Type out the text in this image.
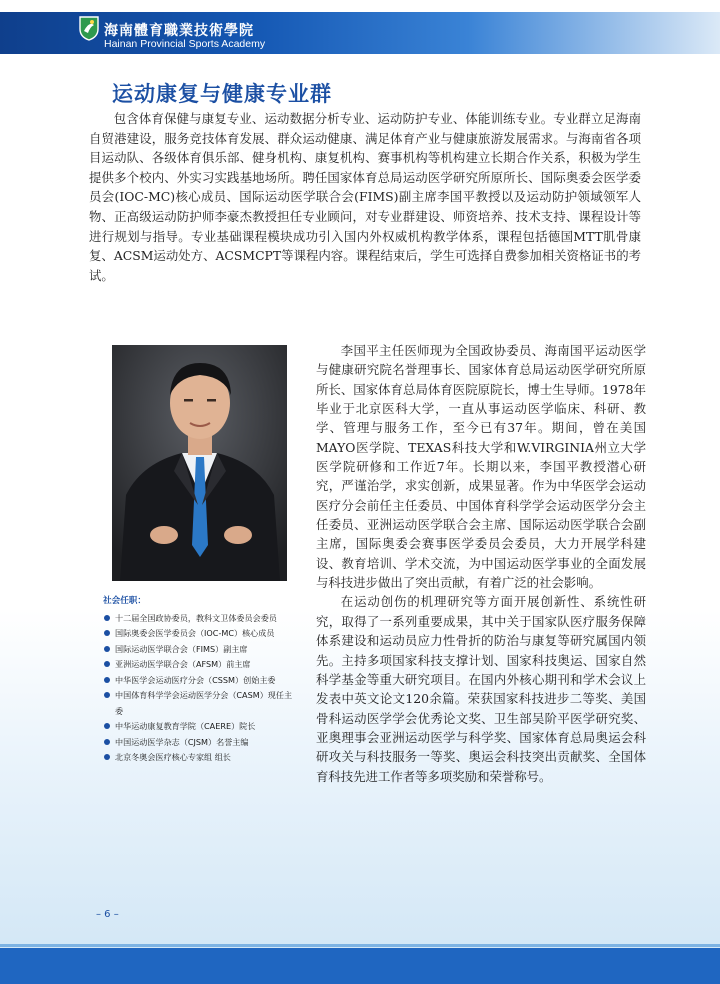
海南體育職業技術學院
Hainan Provincial Sports Academy
运动康复与健康专业群

包含体育保健与康复专业、运动数据分析专业、运动防护专业、体能训练专业。专业群立足海南自贸港建设，服务竞技体育发展、群众运动健康、满足体育产业与健康旅游发展需求。与海南省各项目运动队、各级体育俱乐部、健身机构、康复机构、赛事机构等机构建立长期合作关系，积极为学生提供多个校内、外实习实践基地场所。聘任国家体育总局运动医学研究所原所长、国际奥委会医学委员会(IOC-MC)核心成员、国际运动医学联合会(FIMS)副主席李国平教授以及运动防护领域领军人物、正高级运动防护师李豪杰教授担任专业顾问，对专业群建设、师资培养、技术支持、课程设计等进行规划与指导。专业基础课程模块成功引入国内外权威机构教学体系，课程包括德国MTT肌骨康复、ACSM运动处方、ACSMCPT等课程内容。课程结束后，学生可选择自费参加相关资格证书的考试。

社会任职：
十二届全国政协委员，教科文卫体委员会委员
国际奥委会医学委员会（IOC-MC）核心成员
国际运动医学联合会（FIMS）副主席
亚洲运动医学联合会（AFSM）前主席
中华医学会运动医疗分会（CSSM）创始主委
中国体育科学学会运动医学分会（CASM）现任主委
中华运动康复教育学院（CAERE）院长
中国运动医学杂志（CJSM）名誉主编
北京冬奥会医疗核心专家组 组长

李国平主任医师现为全国政协委员、海南国平运动医学与健康研究院名誉理事长、国家体育总局运动医学研究所原所长、国家体育总局体育医院原院长，博士生导师。1978年毕业于北京医科大学，一直从事运动医学临床、科研、教学、管理与服务工作，至今已有37年。期间，曾在美国MAYO医学院、TEXAS科技大学和W.VIRGINIA州立大学医学院研修和工作近7年。长期以来，李国平教授潜心研究，严谨治学，求实创新，成果显著。作为中华医学会运动医疗分会前任主任委员、中国体育科学学会运动医学分会主任委员、亚洲运动医学联合会主席、国际运动医学联合会副主席，国际奥委会赛事医学委员会委员，大力开展学科建设、教育培训、学术交流，为中国运动医学事业的全面发展与科技进步做出了突出贡献，有着广泛的社会影响。

在运动创伤的机理研究等方面开展创新性、系统性研究，取得了一系列重要成果，其中关于国家队医疗服务保障体系建设和运动员应力性骨折的防治与康复等研究属国内领先。主持多项国家科技支撑计划、国家科技奥运、国家自然科学基金等重大研究项目。在国内外核心期刊和学术会议上发表中英文论文120余篇。荣获国家科技进步二等奖、美国骨科运动医学学会优秀论文奖、卫生部吴阶平医学研究奖、亚奥理事会亚洲运动医学与科学奖、国家体育总局奥运会科研攻关与科技服务一等奖、奥运会科技突出贡献奖、全国体育科技先进工作者等多项奖励和荣誉称号。

– 6 –
